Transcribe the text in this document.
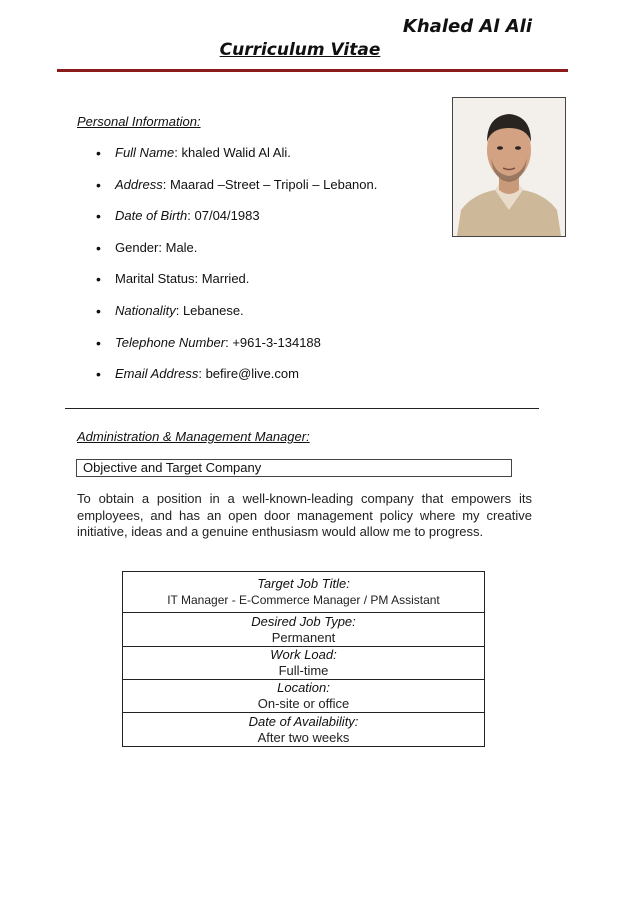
Khaled Al Ali
Curriculum Vitae
Personal Information:
• Full Name: khaled Walid Al Ali.
• Address: Maarad –Street – Tripoli – Lebanon.
• Date of Birth: 07/04/1983
• Gender: Male.
• Marital Status: Married.
• Nationality: Lebanese.
• Telephone Number: +961-3-134188
• Email Address: befire@live.com
Administration & Management Manager:
Objective and Target Company
To obtain a position in a well-known-leading company that empowers its employees, and has an open door management policy where my creative initiative, ideas and a genuine enthusiasm would allow me to progress.
Target Job Title:
IT Manager - E-Commerce Manager / PM Assistant

Desired Job Type:
Permanent

Work Load:
Full-time

Location:
On-site or office

Date of Availability:
After two weeks
